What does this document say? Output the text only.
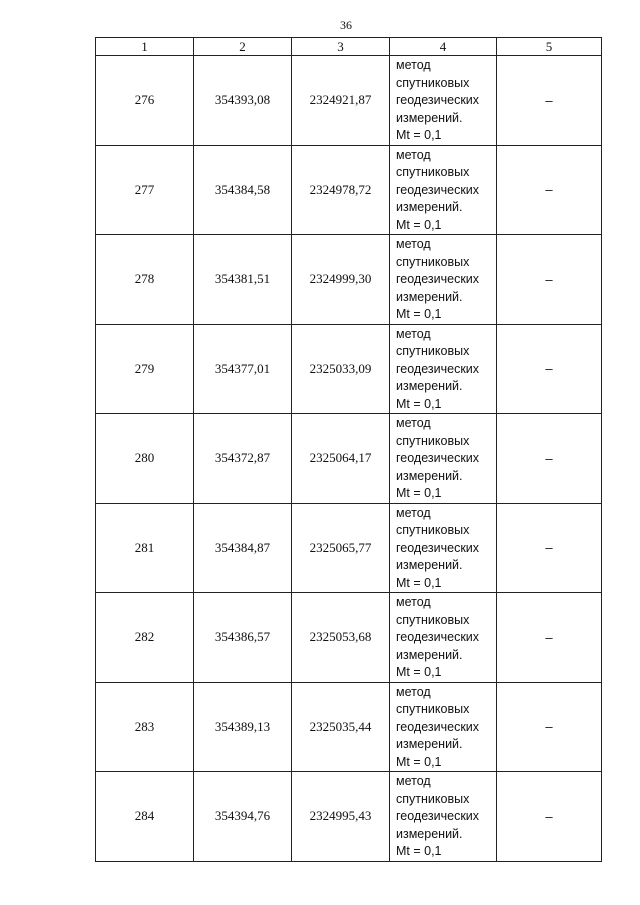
36
1	2	3	4	5
276	354393,08	2324921,87	метод
спутниковых
геодезических
измерений.
Mt = 0,1	–
277	354384,58	2324978,72	метод
спутниковых
геодезических
измерений.
Mt = 0,1	–
278	354381,51	2324999,30	метод
спутниковых
геодезических
измерений.
Mt = 0,1	–
279	354377,01	2325033,09	метод
спутниковых
геодезических
измерений.
Mt = 0,1	–
280	354372,87	2325064,17	метод
спутниковых
геодезических
измерений.
Mt = 0,1	–
281	354384,87	2325065,77	метод
спутниковых
геодезических
измерений.
Mt = 0,1	–
282	354386,57	2325053,68	метод
спутниковых
геодезических
измерений.
Mt = 0,1	–
283	354389,13	2325035,44	метод
спутниковых
геодезических
измерений.
Mt = 0,1	–
284	354394,76	2324995,43	метод
спутниковых
геодезических
измерений.
Mt = 0,1	–
